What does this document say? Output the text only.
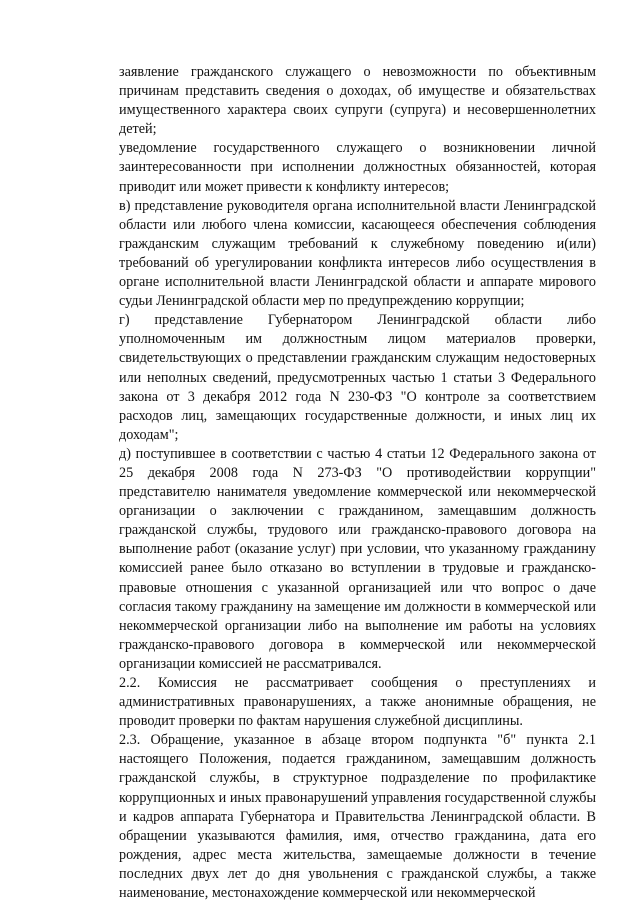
заявление гражданского служащего о невозможности по объективным причинам представить сведения о доходах, об имуществе и обязательствах имущественного характера своих супруги (супруга) и несовершеннолетних детей;

уведомление государственного служащего о возникновении личной заинтересованности при исполнении должностных обязанностей, которая приводит или может привести к конфликту интересов;

в) представление руководителя органа исполнительной власти Ленинградской области или любого члена комиссии, касающееся обеспечения соблюдения гражданским служащим требований к служебному поведению и(или) требований об урегулировании конфликта интересов либо осуществления в органе исполнительной власти Ленинградской области и аппарате мирового судьи Ленинградской области мер по предупреждению коррупции;

г) представление Губернатором Ленинградской области либо уполномоченным им должностным лицом материалов проверки, свидетельствующих о представлении гражданским служащим недостоверных или неполных сведений, предусмотренных частью 1 статьи 3 Федерального закона от 3 декабря 2012 года N 230-ФЗ "О контроле за соответствием расходов лиц, замещающих государственные должности, и иных лиц их доходам";

д) поступившее в соответствии с частью 4 статьи 12 Федерального закона от 25 декабря 2008 года N 273-ФЗ "О противодействии коррупции" представителю нанимателя уведомление коммерческой или некоммерческой организации о заключении с гражданином, замещавшим должность гражданской службы, трудового или гражданско-правового договора на выполнение работ (оказание услуг) при условии, что указанному гражданину комиссией ранее было отказано во вступлении в трудовые и гражданско-правовые отношения с указанной организацией или что вопрос о даче согласия такому гражданину на замещение им должности в коммерческой или некоммерческой организации либо на выполнение им работы на условиях гражданско-правового договора в коммерческой или некоммерческой организации комиссией не рассматривался.

2.2. Комиссия не рассматривает сообщения о преступлениях и административных правонарушениях, а также анонимные обращения, не проводит проверки по фактам нарушения служебной дисциплины.

2.3. Обращение, указанное в абзаце втором подпункта "б" пункта 2.1 настоящего Положения, подается гражданином, замещавшим должность гражданской службы, в структурное подразделение по профилактике коррупционных и иных правонарушений управления государственной службы и кадров аппарата Губернатора и Правительства Ленинградской области. В обращении указываются фамилия, имя, отчество гражданина, дата его рождения, адрес места жительства, замещаемые должности в течение последних двух лет до дня увольнения с гражданской службы, а также наименование, местонахождение коммерческой или некоммерческой
